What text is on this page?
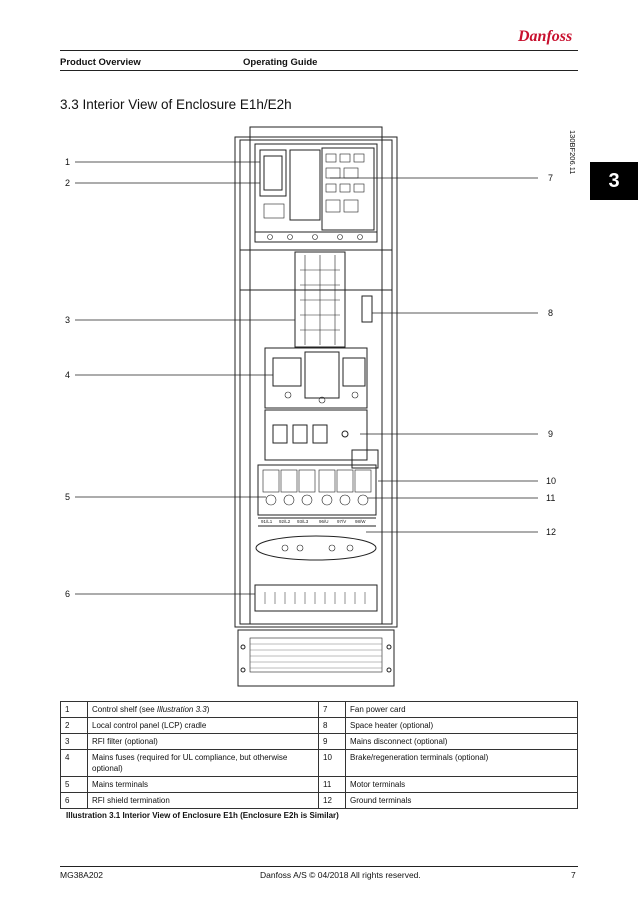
Danfoss
Product Overview	Operating Guide
3
3.3 Interior View of Enclosure E1h/E2h
130BF206.11
91/L1 92/L2 93/L3 96/U 97/V 98/W
1
2
3
4
5
6
7
8
9
10
11
12
1	Control shelf (see Illustration 3.3)	7	Fan power card
2	Local control panel (LCP) cradle	8	Space heater (optional)
3	RFI filter (optional)	9	Mains disconnect (optional)
4	Mains fuses (required for UL compliance, but otherwise optional)	10	Brake/regeneration terminals (optional)
5	Mains terminals	11	Motor terminals
6	RFI shield termination	12	Ground terminals
Illustration 3.1 Interior View of Enclosure E1h (Enclosure E2h is Similar)
MG38A202	Danfoss A/S © 04/2018 All rights reserved.	7
